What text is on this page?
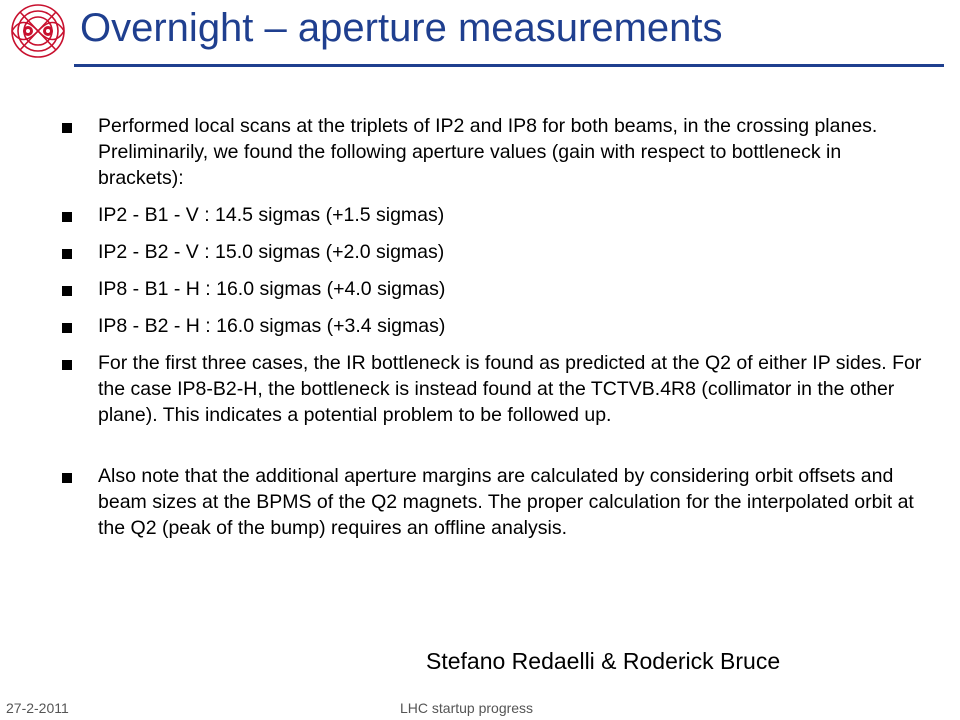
Overnight – aperture measurements
Performed local scans at the triplets of IP2 and IP8 for both beams, in the crossing planes. Preliminarily, we found the following aperture values (gain with respect to bottleneck in brackets):
IP2 - B1 - V : 14.5 sigmas (+1.5 sigmas)
IP2 - B2 - V : 15.0 sigmas (+2.0 sigmas)
IP8 - B1 - H : 16.0 sigmas (+4.0 sigmas)
IP8 - B2 - H : 16.0 sigmas (+3.4 sigmas)
For the first three cases, the IR bottleneck is found as predicted at the Q2 of either IP sides. For the case IP8-B2-H, the bottleneck is instead found at the TCTVB.4R8 (collimator in the other plane). This indicates a potential problem to be followed up.
Also note that the additional aperture margins are calculated by considering orbit offsets and beam sizes at the BPMS of the Q2 magnets. The proper calculation for the interpolated orbit at the Q2 (peak of the bump) requires an offline analysis.
Stefano Redaelli & Roderick Bruce
27-2-2011	LHC startup progress
